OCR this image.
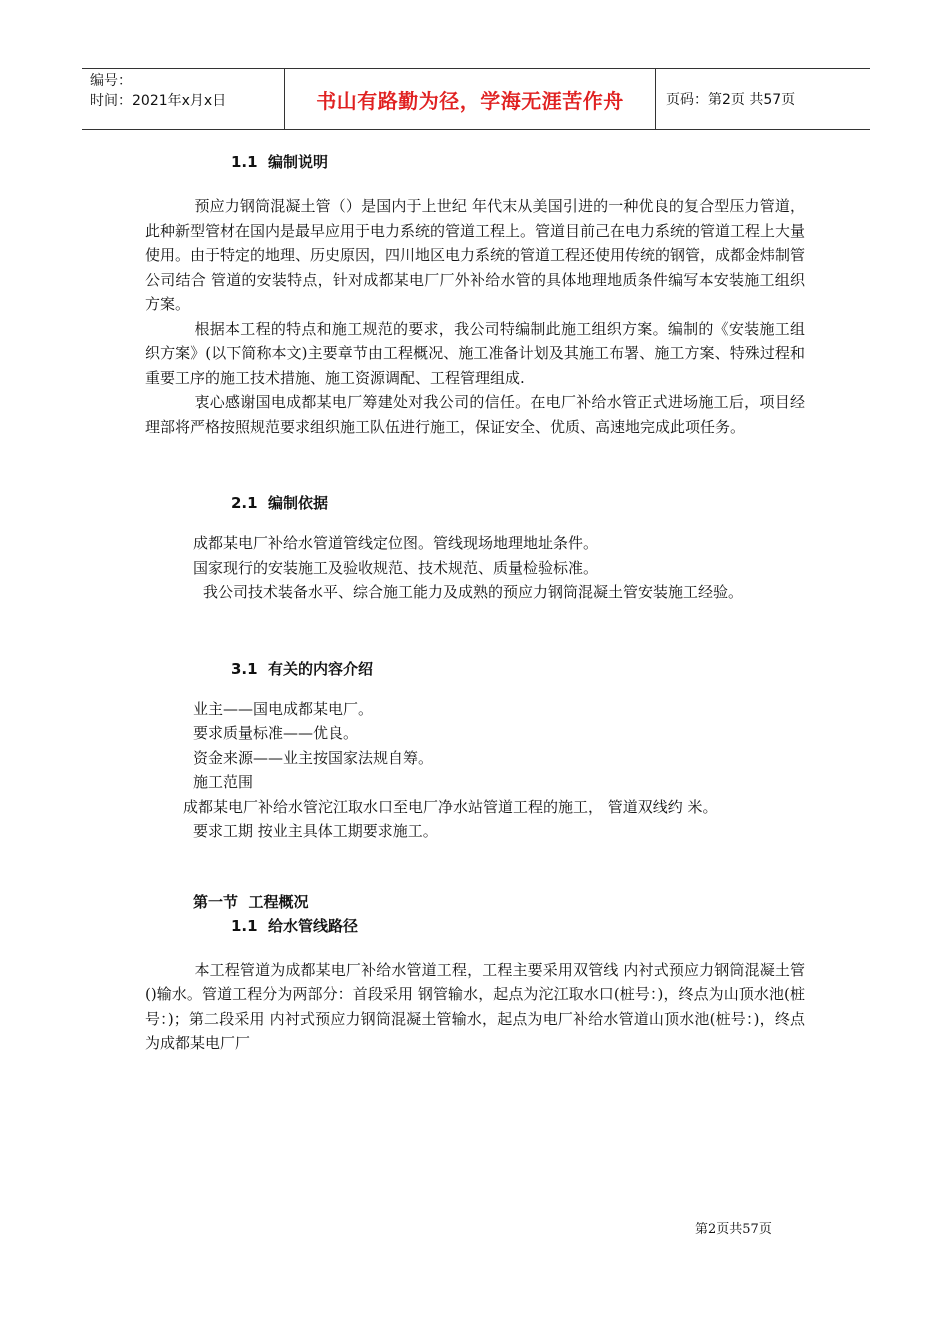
编号：
时间：2021年x月x日	书山有路勤为径，学海无涯苦作舟	页码：第2页 共57页
1.1  编制说明

预应力钢筒混凝土管（）是国内于上世纪 年代末从美国引进的一种优良的复合型压力管道，此种新型管材在国内是最早应用于电力系统的管道工程上。管道目前己在电力系统的管道工程上大量使用。由于特定的地理、历史原因，四川地区电力系统的管道工程还使用传统的钢管，成都金炜制管公司结合 管道的安装特点，针对成都某电厂厂外补给水管的具体地理地质条件编写本安装施工组织方案。

根据本工程的特点和施工规范的要求，我公司特编制此施工组织方案。编制的《安装施工组织方案》(以下简称本文)主要章节由工程概况、施工准备计划及其施工布署、施工方案、特殊过程和重要工序的施工技术措施、施工资源调配、工程管理组成.

衷心感谢国电成都某电厂筹建处对我公司的信任。在电厂补给水管正式进场施工后，项目经理部将严格按照规范要求组织施工队伍进行施工，保证安全、优质、高速地完成此项任务。

2.1  编制依据

成都某电厂补给水管道管线定位图。管线现场地理地址条件。

国家现行的安装施工及验收规范、技术规范、质量检验标准。

我公司技术装备水平、综合施工能力及成熟的预应力钢筒混凝土管安装施工经验。

3.1  有关的内容介绍

业主——国电成都某电厂。

要求质量标准——优良。

资金来源——业主按国家法规自筹。

施工范围

成都某电厂补给水管沱江取水口至电厂净水站管道工程的施工， 管道双线约 米。

要求工期 按业主具体工期要求施工。

第一节  工程概况
1.1  给水管线路径

本工程管道为成都某电厂补给水管道工程，工程主要采用双管线 内衬式预应力钢筒混凝土管()输水。管道工程分为两部分：首段采用 钢管输水，起点为沱江取水口(桩号：)，终点为山顶水池(桩号：)；第二段采用 内衬式预应力钢筒混凝土管输水，起点为电厂补给水管道山顶水池(桩号：)，终点为成都某电厂厂

第2页共57页
